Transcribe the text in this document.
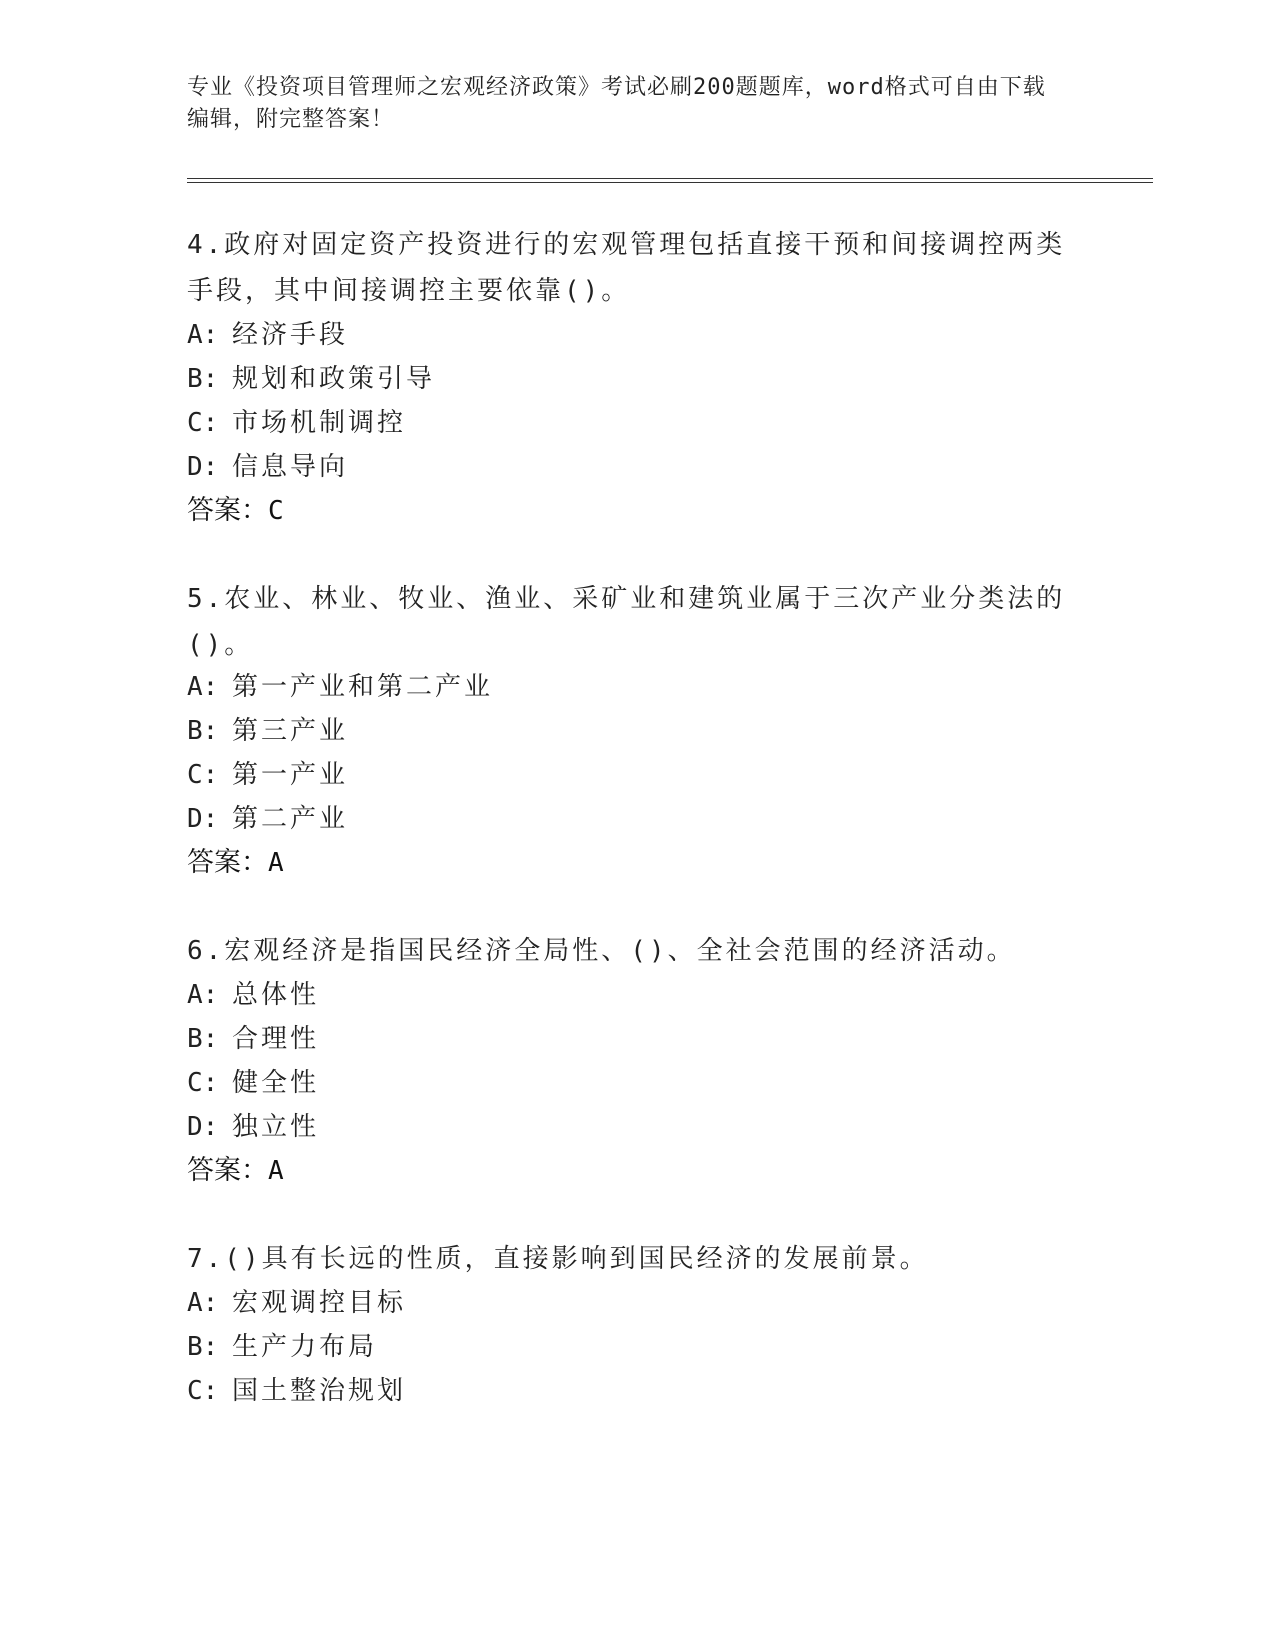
专业《投资项目管理师之宏观经济政策》考试必刷200题题库，word格式可自由下载编辑，附完整答案！
4.政府对固定资产投资进行的宏观管理包括直接干预和间接调控两类手段，其中间接调控主要依靠()。
A: 经济手段
B: 规划和政策引导
C: 市场机制调控
D: 信息导向
答案：C
5.农业、林业、牧业、渔业、采矿业和建筑业属于三次产业分类法的()。
A: 第一产业和第二产业
B: 第三产业
C: 第一产业
D: 第二产业
答案：A
6.宏观经济是指国民经济全局性、()、全社会范围的经济活动。
A: 总体性
B: 合理性
C: 健全性
D: 独立性
答案：A
7.()具有长远的性质，直接影响到国民经济的发展前景。
A: 宏观调控目标
B: 生产力布局
C: 国土整治规划
